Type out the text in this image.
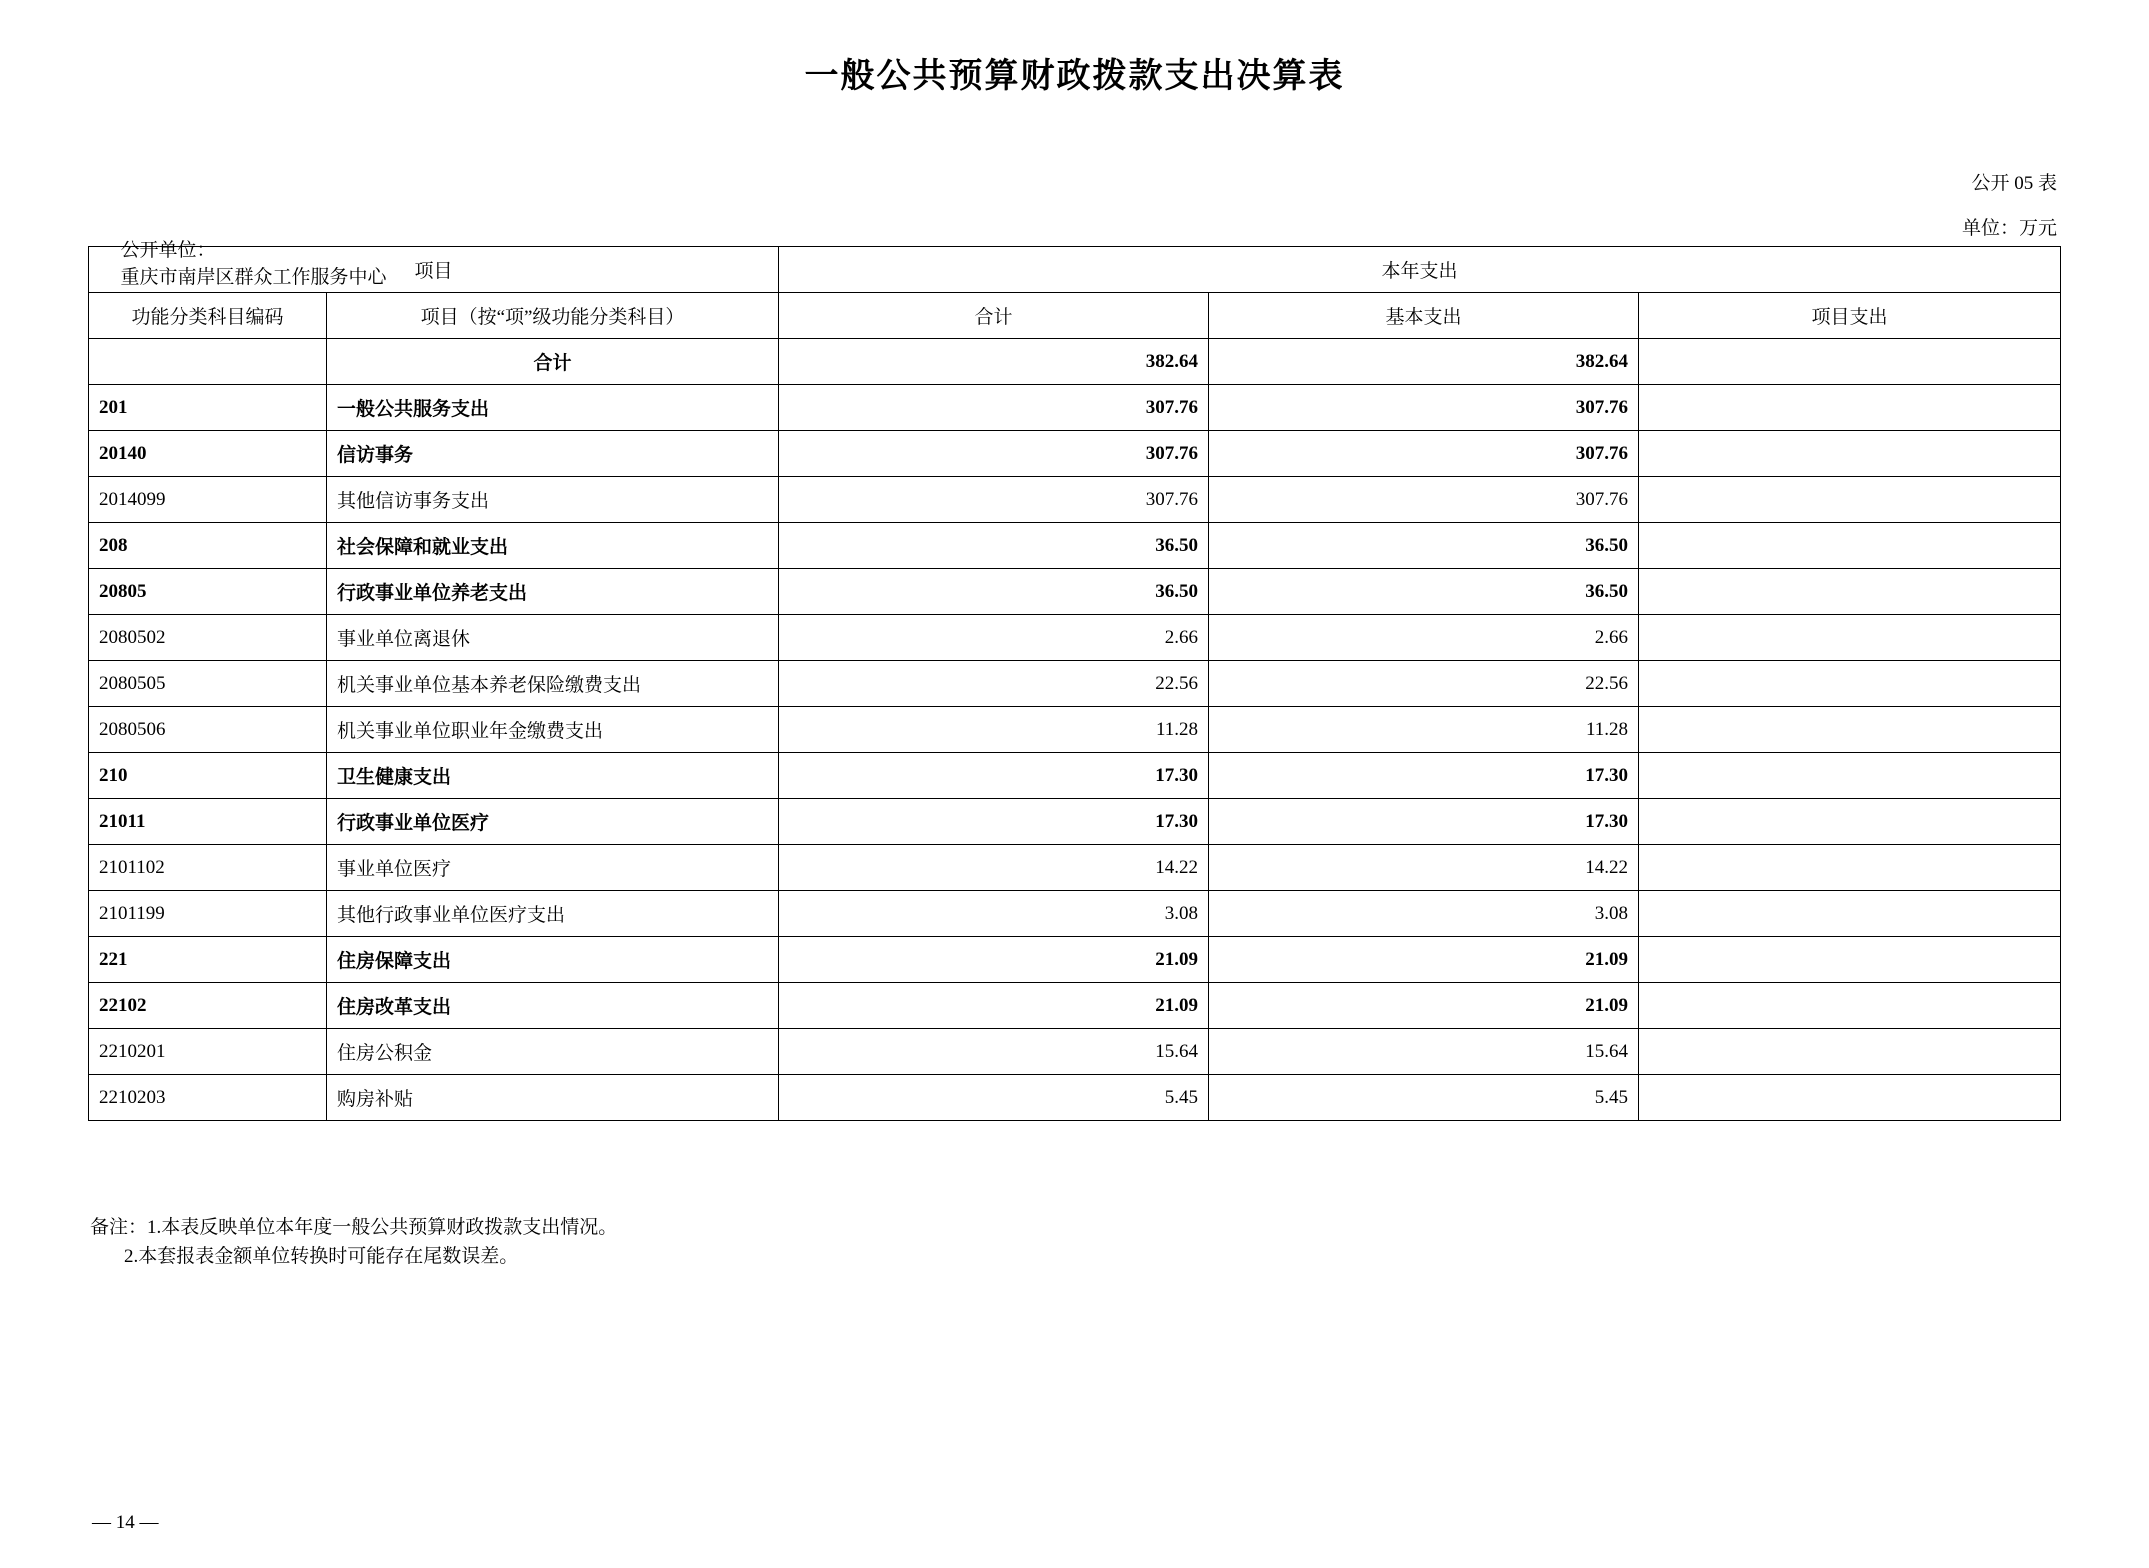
一般公共预算财政拨款支出决算表
公开 05 表

公开单位：
重庆市南岸区群众工作服务中心

单位：万元
项目		本年支出		
功能分类科目编码	项目（按“项”级功能分类科目）	合计	基本支出	项目支出
	合计	382.64	382.64	
201	一般公共服务支出	307.76	307.76	
20140	信访事务	307.76	307.76	
2014099	其他信访事务支出	307.76	307.76	
208	社会保障和就业支出	36.50	36.50	
20805	行政事业单位养老支出	36.50	36.50	
2080502	事业单位离退休	2.66	2.66	
2080505	机关事业单位基本养老保险缴费支出	22.56	22.56	
2080506	机关事业单位职业年金缴费支出	11.28	11.28	
210	卫生健康支出	17.30	17.30	
21011	行政事业单位医疗	17.30	17.30	
2101102	事业单位医疗	14.22	14.22	
2101199	其他行政事业单位医疗支出	3.08	3.08	
221	住房保障支出	21.09	21.09	
22102	住房改革支出	21.09	21.09	
2210201	住房公积金	15.64	15.64	
2210203	购房补贴	5.45	5.45	
备注：1.本表反映单位本年度一般公共预算财政拨款支出情况。
2.本套报表金额单位转换时可能存在尾数误差。
— 14 —
